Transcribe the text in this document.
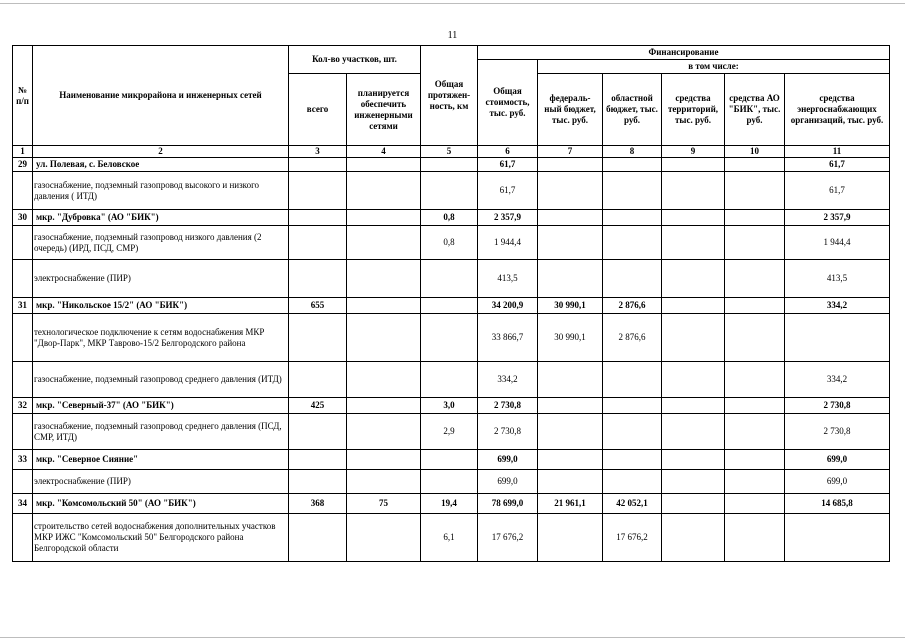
11
№ п/п	Наименование микрорайона и инженерных сетей	Кол-во участков, шт.		Общая протяжен-ность, км	Финансирование					
					Общая стоимость, тыс. руб.	в том числе:				
		всего	планируется обеспечить инженерными сетями			федераль-ный бюджет, тыс. руб.	областной бюджет, тыс. руб.	средства территорий, тыс. руб.	средства АО "БИК", тыс. руб.	средства энергоснабжающих организаций, тыс. руб.
1	2	3	4	5	6	7	8	9	10	11
29	ул. Полевая, с. Беловское				61,7					61,7
	газоснабжение, подземный газопровод высокого и низкого давления ( ИТД)				61,7					61,7
30	мкр. "Дубровка" (АО "БИК")			0,8	2 357,9					2 357,9
	газоснабжение, подземный газопровод низкого давления (2 очередь) (ИРД, ПСД, СМР)			0,8	1 944,4					1 944,4
	электроснабжение (ПИР)				413,5					413,5
31	мкр. "Никольское 15/2" (АО "БИК")	655			34 200,9	30 990,1	2 876,6			334,2
	технологическое подключение к сетям водоснабжения МКР "Двор-Парк", МКР Таврово-15/2 Белгородского района				33 866,7	30 990,1	2 876,6			
	газоснабжение, подземный газопровод среднего давления (ИТД)				334,2					334,2
32	мкр. "Северный-37" (АО "БИК")	425		3,0	2 730,8					2 730,8
	газоснабжение, подземный газопровод среднего давления (ПСД, СМР, ИТД)			2,9	2 730,8					2 730,8
33	мкр. "Северное Сияние"				699,0					699,0
	электроснабжение (ПИР)				699,0					699,0
34	мкр. "Комсомольский 50" (АО "БИК")	368	75	19,4	78 699,0	21 961,1	42 052,1			14 685,8
	строительство сетей водоснабжения дополнительных участков МКР ИЖС "Комсомольский 50" Белгородского района Белгородской области			6,1	17 676,2		17 676,2			
